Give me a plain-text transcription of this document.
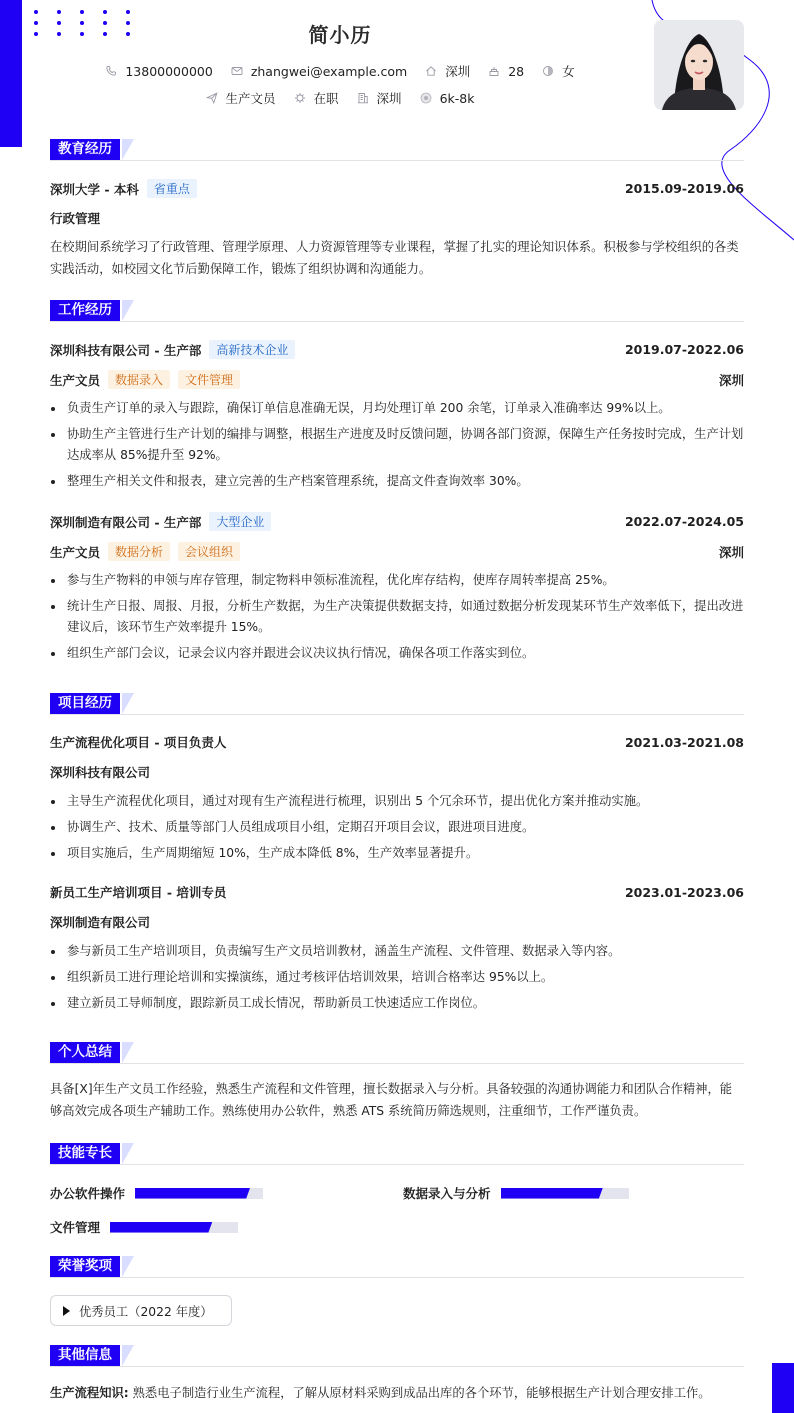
简小历
13800000000	zhangwei@example.com	深圳	28	女
生产文员	在职	深圳	6k-8k
教育经历
深圳大学 - 本科	省重点	2015.09-2019.06
行政管理
在校期间系统学习了行政管理、管理学原理、人力资源管理等专业课程，掌握了扎实的理论知识体系。积极参与学校组织的各类实践活动，如校园文化节后勤保障工作，锻炼了组织协调和沟通能力。
工作经历
深圳科技有限公司 - 生产部	高新技术企业	2019.07-2022.06
生产文员	数据录入	文件管理	深圳
负责生产订单的录入与跟踪，确保订单信息准确无误，月均处理订单 200 余笔，订单录入准确率达 99%以上。
协助生产主管进行生产计划的编排与调整，根据生产进度及时反馈问题，协调各部门资源，保障生产任务按时完成，生产计划达成率从 85%提升至 92%。
整理生产相关文件和报表，建立完善的生产档案管理系统，提高文件查询效率 30%。
深圳制造有限公司 - 生产部	大型企业	2022.07-2024.05
生产文员	数据分析	会议组织	深圳
参与生产物料的申领与库存管理，制定物料申领标准流程，优化库存结构，使库存周转率提高 25%。
统计生产日报、周报、月报，分析生产数据，为生产决策提供数据支持，如通过数据分析发现某环节生产效率低下，提出改进建议后，该环节生产效率提升 15%。
组织生产部门会议，记录会议内容并跟进会议决议执行情况，确保各项工作落实到位。
项目经历
生产流程优化项目 - 项目负责人	2021.03-2021.08
深圳科技有限公司
主导生产流程优化项目，通过对现有生产流程进行梳理，识别出 5 个冗余环节，提出优化方案并推动实施。
协调生产、技术、质量等部门人员组成项目小组，定期召开项目会议，跟进项目进度。
项目实施后，生产周期缩短 10%，生产成本降低 8%，生产效率显著提升。
新员工生产培训项目 - 培训专员	2023.01-2023.06
深圳制造有限公司
参与新员工生产培训项目，负责编写生产文员培训教材，涵盖生产流程、文件管理、数据录入等内容。
组织新员工进行理论培训和实操演练，通过考核评估培训效果，培训合格率达 95%以上。
建立新员工导师制度，跟踪新员工成长情况，帮助新员工快速适应工作岗位。
个人总结
具备[X]年生产文员工作经验，熟悉生产流程和文件管理，擅长数据录入与分析。具备较强的沟通协调能力和团队合作精神，能够高效完成各项生产辅助工作。熟练使用办公软件，熟悉 ATS 系统简历筛选规则，注重细节，工作严谨负责。
技能专长
办公软件操作	数据录入与分析
文件管理
荣誉奖项
优秀员工（2022 年度）
其他信息
生产流程知识: 熟悉电子制造行业生产流程，了解从原材料采购到成品出库的各个环节，能够根据生产计划合理安排工作。
